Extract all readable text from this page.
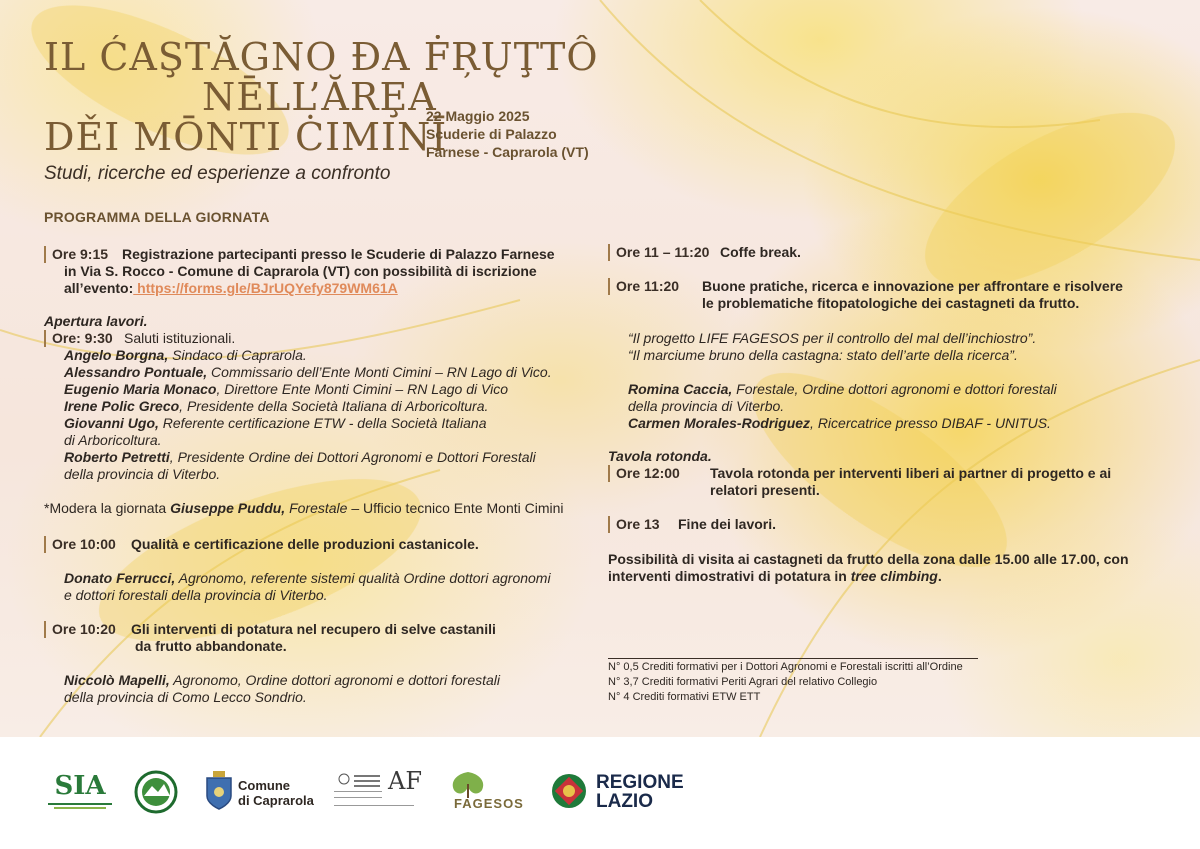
IL ĆAŞTĂGNO ĐA ḞŖŲŢTÔ
NĒLL’ĂRȨA
DĚI MŌNTI ĊIMINĪ
Studi, ricerche ed esperienze a confronto
22 Maggio 2025
Scuderie di Palazzo
Farnese - Caprarola (VT)
PROGRAMMA DELLA GIORNATA
Ore 9:15 Registrazione partecipanti presso le Scuderie di Palazzo Farnese
in Via S. Rocco - Comune di Caprarola (VT) con possibilità di iscrizione
all’evento: https://forms.gle/BJrUQYefy879WM61A
Apertura lavori.
Ore: 9:30 Saluti istituzionali.
Angelo Borgna, Sindaco di Caprarola.
Alessandro Pontuale, Commissario dell’Ente Monti Cimini – RN Lago di Vico.
Eugenio Maria Monaco, Direttore Ente Monti Cimini – RN Lago di Vico
Irene Polic Greco, Presidente della Società Italiana di Arboricoltura.
Giovanni Ugo, Referente certificazione ETW - della Società Italiana
di Arboricoltura.
Roberto Petretti, Presidente Ordine dei Dottori Agronomi e Dottori Forestali
della provincia di Viterbo.
*Modera la giornata Giuseppe Puddu, Forestale – Ufficio tecnico Ente Monti Cimini
Ore 10:00 Qualità e certificazione delle produzioni castanicole.
Donato Ferrucci, Agronomo, referente sistemi qualità Ordine dottori agronomi
e dottori forestali della provincia di Viterbo.
Ore 10:20 Gli interventi di potatura nel recupero di selve castanili
da frutto abbandonate.
Niccolò Mapelli, Agronomo, Ordine dottori agronomi e dottori forestali
della provincia di Como Lecco Sondrio.
Ore 11 – 11:20 Coffe break.
Ore 11:20 Buone pratiche, ricerca e innovazione per affrontare e risolvere
le problematiche fitopatologiche dei castagneti da frutto.
“Il progetto LIFE FAGESOS per il controllo del mal dell’inchiostro”.
“Il marciume bruno della castagna: stato dell’arte della ricerca”.
Romina Caccia, Forestale, Ordine dottori agronomi e dottori forestali
della provincia di Viterbo.
Carmen Morales-Rodriguez, Ricercatrice presso DIBAF - UNITUS.
Tavola rotonda.
Ore 12:00 Tavola rotonda per interventi liberi ai partner di progetto e ai
relatori presenti.
Ore 13 Fine dei lavori.
Possibilità di visita ai castagneti da frutto della zona dalle 15.00 alle 17.00, con
interventi dimostrativi di potatura in tree climbing.
N° 0,5 Crediti formativi per i Dottori Agronomi e Forestali iscritti all’Ordine
N° 3,7 Crediti formativi Periti Agrari del relativo Collegio
N° 4 Crediti formativi ETW ETT
SIA	Comune
di Caprarola
AF
FAGESOS
REGIONE
LAZIO
